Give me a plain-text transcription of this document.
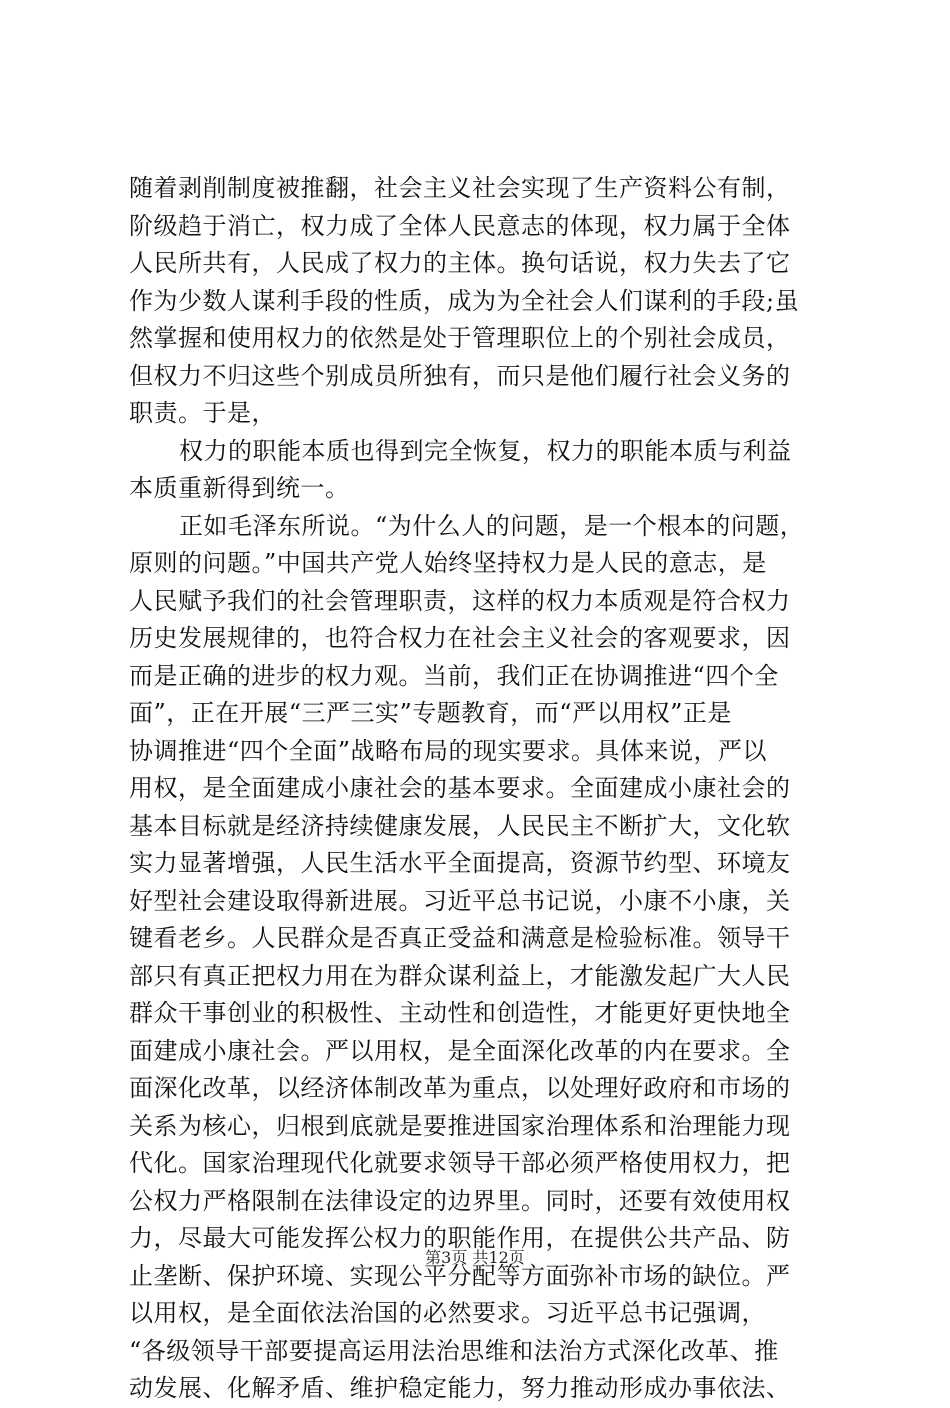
随着剥削制度被推翻，社会主义社会实现了生产资料公有制，
阶级趋于消亡，权力成了全体人民意志的体现，权力属于全体
人民所共有，人民成了权力的主体。换句话说，权力失去了它
作为少数人谋利手段的性质，成为为全社会人们谋利的手段;虽
然掌握和使用权力的依然是处于管理职位上的个别社会成员，
但权力不归这些个别成员所独有，而只是他们履行社会义务的
职责。于是，
权力的职能本质也得到完全恢复，权力的职能本质与利益
本质重新得到统一。
正如毛泽东所说。“为什么人的问题，是一个根本的问题，
原则的问题。”中国共产党人始终坚持权力是人民的意志，是
人民赋予我们的社会管理职责，这样的权力本质观是符合权力
历史发展规律的，也符合权力在社会主义社会的客观要求，因
而是正确的进步的权力观。当前，我们正在协调推进“四个全
面”，正在开展“三严三实”专题教育，而“严以用权”正是
协调推进“四个全面”战略布局的现实要求。具体来说，严以
用权，是全面建成小康社会的基本要求。全面建成小康社会的
基本目标就是经济持续健康发展，人民民主不断扩大，文化软
实力显著增强，人民生活水平全面提高，资源节约型、环境友
好型社会建设取得新进展。习近平总书记说，小康不小康，关
键看老乡。人民群众是否真正受益和满意是检验标准。领导干
部只有真正把权力用在为群众谋利益上，才能激发起广大人民
群众干事创业的积极性、主动性和创造性，才能更好更快地全
面建成小康社会。严以用权，是全面深化改革的内在要求。全
面深化改革，以经济体制改革为重点，以处理好政府和市场的
关系为核心，归根到底就是要推进国家治理体系和治理能力现
代化。国家治理现代化就要求领导干部必须严格使用权力，把
公权力严格限制在法律设定的边界里。同时，还要有效使用权
力，尽最大可能发挥公权力的职能作用，在提供公共产品、防
止垄断、保护环境、实现公平分配等方面弥补市场的缺位。严
以用权，是全面依法治国的必然要求。习近平总书记强调，
“各级领导干部要提高运用法治思维和法治方式深化改革、推
动发展、化解矛盾、维护稳定能力，努力推动形成办事依法、
第3页 共12页
